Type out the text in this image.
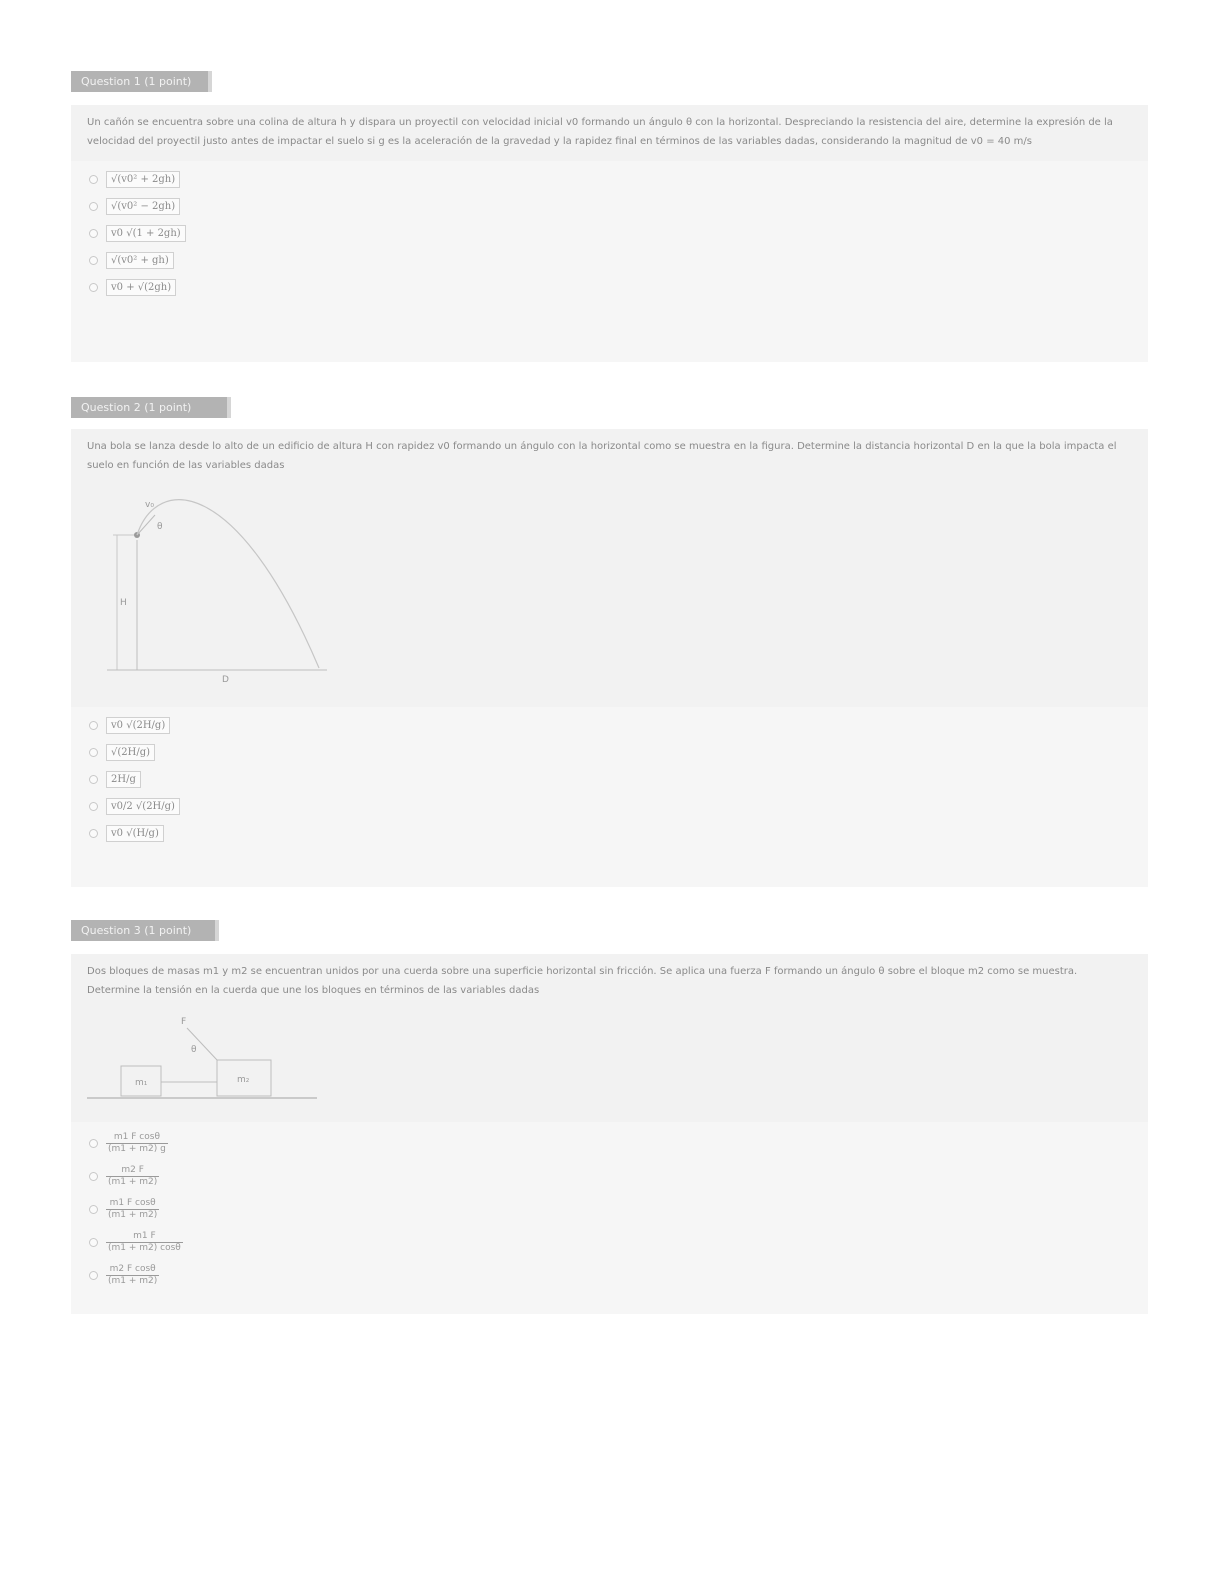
Question 1 (1 point)
Un cañón se encuentra sobre una colina de altura h y dispara un proyectil con velocidad inicial v0 formando un ángulo θ con la horizontal. Despreciando la resistencia del aire, determine la expresión de la velocidad del proyectil justo antes de impactar el suelo si g es la aceleración de la gravedad y la rapidez final en términos de las variables dadas, considerando la magnitud de v0 = 40 m/s
√(v0² + 2gh)
√(v0² − 2gh)
v0 √(1 + 2gh)
√(v0² + gh)
v0 + √(2gh)
Question 2 (1 point)
Una bola se lanza desde lo alto de un edificio de altura H con rapidez v0 formando un ángulo con la horizontal como se muestra en la figura. Determine la distancia horizontal D en la que la bola impacta el suelo en función de las variables dadas
v₀
θ
H
D
v0 √(2H/g)
√(2H/g)
2H/g
v0/2 √(2H/g)
v0 √(H/g)
Question 3 (1 point)
Dos bloques de masas m1 y m2 se encuentran unidos por una cuerda sobre una superficie horizontal sin fricción. Se aplica una fuerza F formando un ángulo θ sobre el bloque m2 como se muestra. Determine la tensión en la cuerda que une los bloques en términos de las variables dadas
F
θ
m₁	m₂
$\frac{\text{m1 F cosθ}}{(m1 + m2) g}$
$\frac{m2 F}{(m1 + m2)}$
$\frac{\text{m1 F cosθ}}{(m1 + m2)}$
$\frac{m1 F}{(m1 + m2) \cos\theta}$
$\frac{\text{m2 F cosθ}}{(m1 + m2)}$
